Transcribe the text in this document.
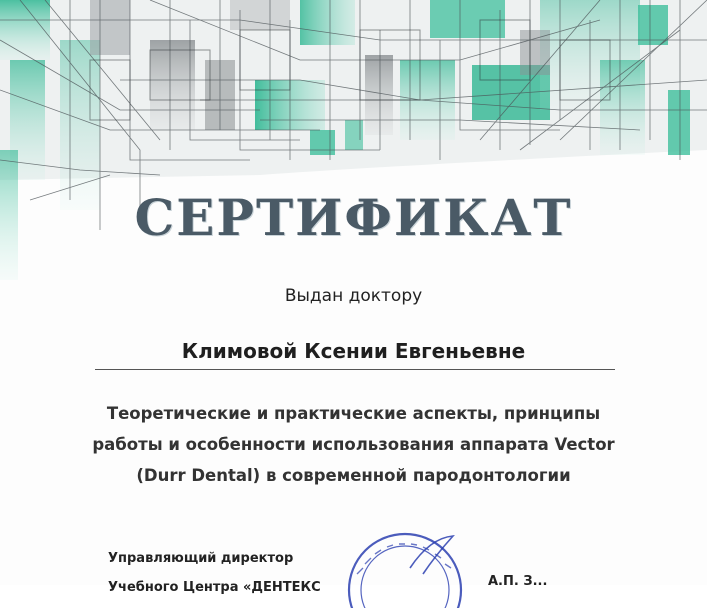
СЕРТИФИКАТ
Выдан доктору
Климовой Ксении Евгеньевне
Теоретические и практические аспекты, принципы
работы и особенности использования аппарата Vector
(Durr Dental) в современной пародонтологии
Управляющий директор
Учебного Центра «ДЕНТЕКС	А.П. З...
